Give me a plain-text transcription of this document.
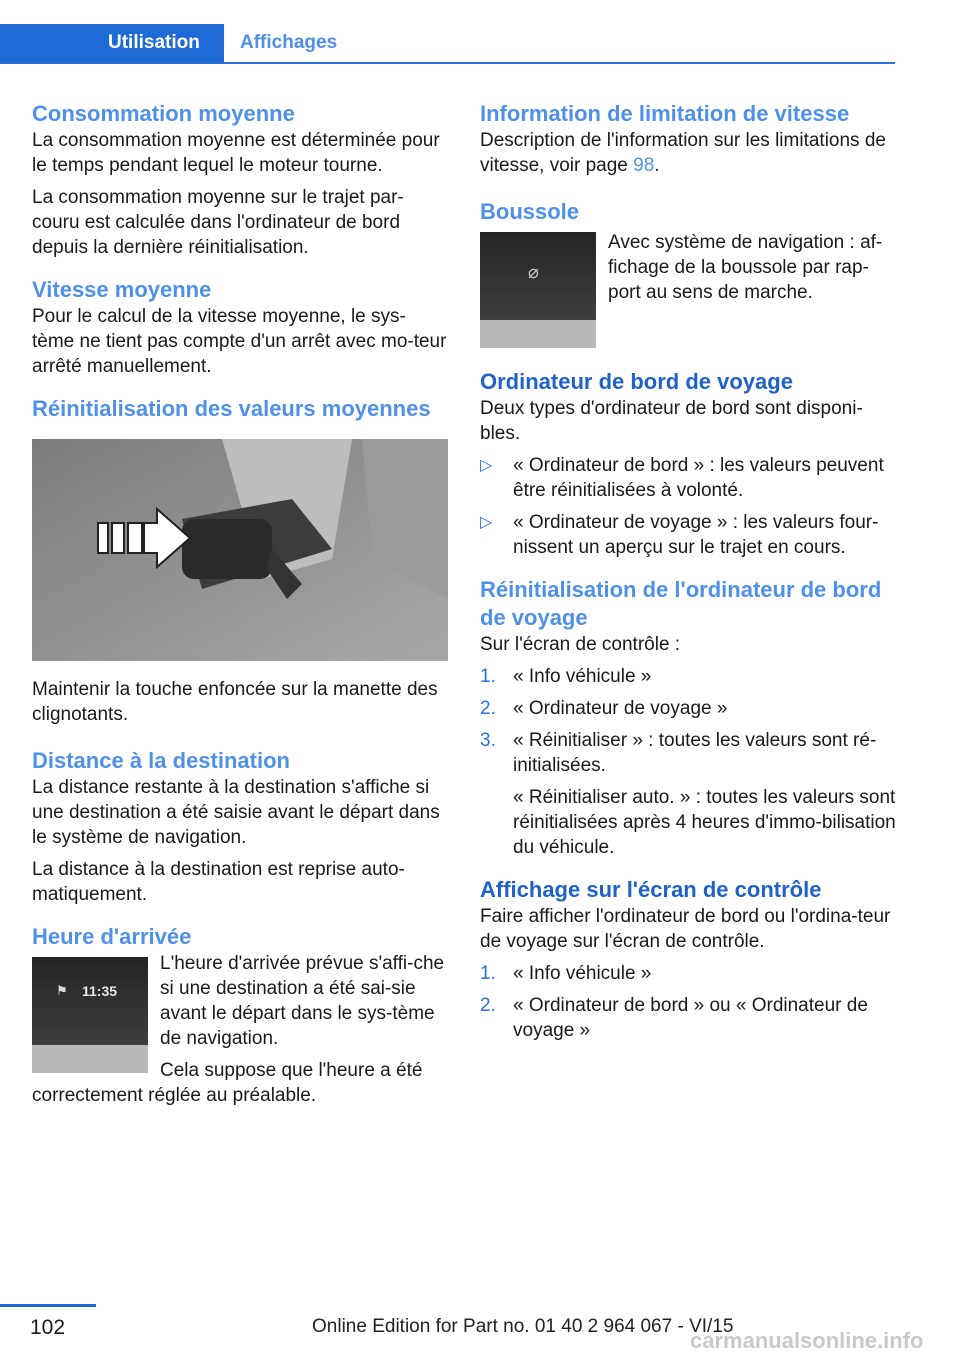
Utilisation	Affichages
Consommation moyenne

La consommation moyenne est déterminée pour le temps pendant lequel le moteur tourne.

La consommation moyenne sur le trajet par-couru est calculée dans l'ordinateur de bord depuis la dernière réinitialisation.

Vitesse moyenne

Pour le calcul de la vitesse moyenne, le sys-tème ne tient pas compte d'un arrêt avec mo-teur arrêté manuellement.

Réinitialisation des valeurs moyennes

Maintenir la touche enfoncée sur la manette des clignotants.

Distance à la destination

La distance restante à la destination s'affiche si une destination a été saisie avant le départ dans le système de navigation.

La distance à la destination est reprise auto-matiquement.

Heure d'arrivée
⚑ 11:35

L'heure d'arrivée prévue s'affi-che si une destination a été sai-sie avant le départ dans le sys-tème de navigation.

Cela suppose que l'heure a été correctement réglée au préalable.

Information de limitation de vitesse

Description de l'information sur les limitations de vitesse, voir page 98.

Boussole
⌀

Avec système de navigation : af-fichage de la boussole par rap-port au sens de marche.

Ordinateur de bord de voyage

Deux types d'ordinateur de bord sont disponi-bles.

▷ « Ordinateur de bord » : les valeurs peuvent être réinitialisées à volonté.
▷ « Ordinateur de voyage » : les valeurs four-nissent un aperçu sur le trajet en cours.
Réinitialisation de l'ordinateur de bord de voyage

Sur l'écran de contrôle :

1. « Info véhicule »
2. « Ordinateur de voyage »
3. « Réinitialiser » : toutes les valeurs sont ré-initialisées.

« Réinitialiser auto. » : toutes les valeurs sont réinitialisées après 4 heures d'immo-bilisation du véhicule.

Affichage sur l'écran de contrôle

Faire afficher l'ordinateur de bord ou l'ordina-teur de voyage sur l'écran de contrôle.

1. « Info véhicule »
2. « Ordinateur de bord » ou « Ordinateur de voyage »
102	Online Edition for Part no. 01 40 2 964 067 - VI/15
carmanualsonline.info
